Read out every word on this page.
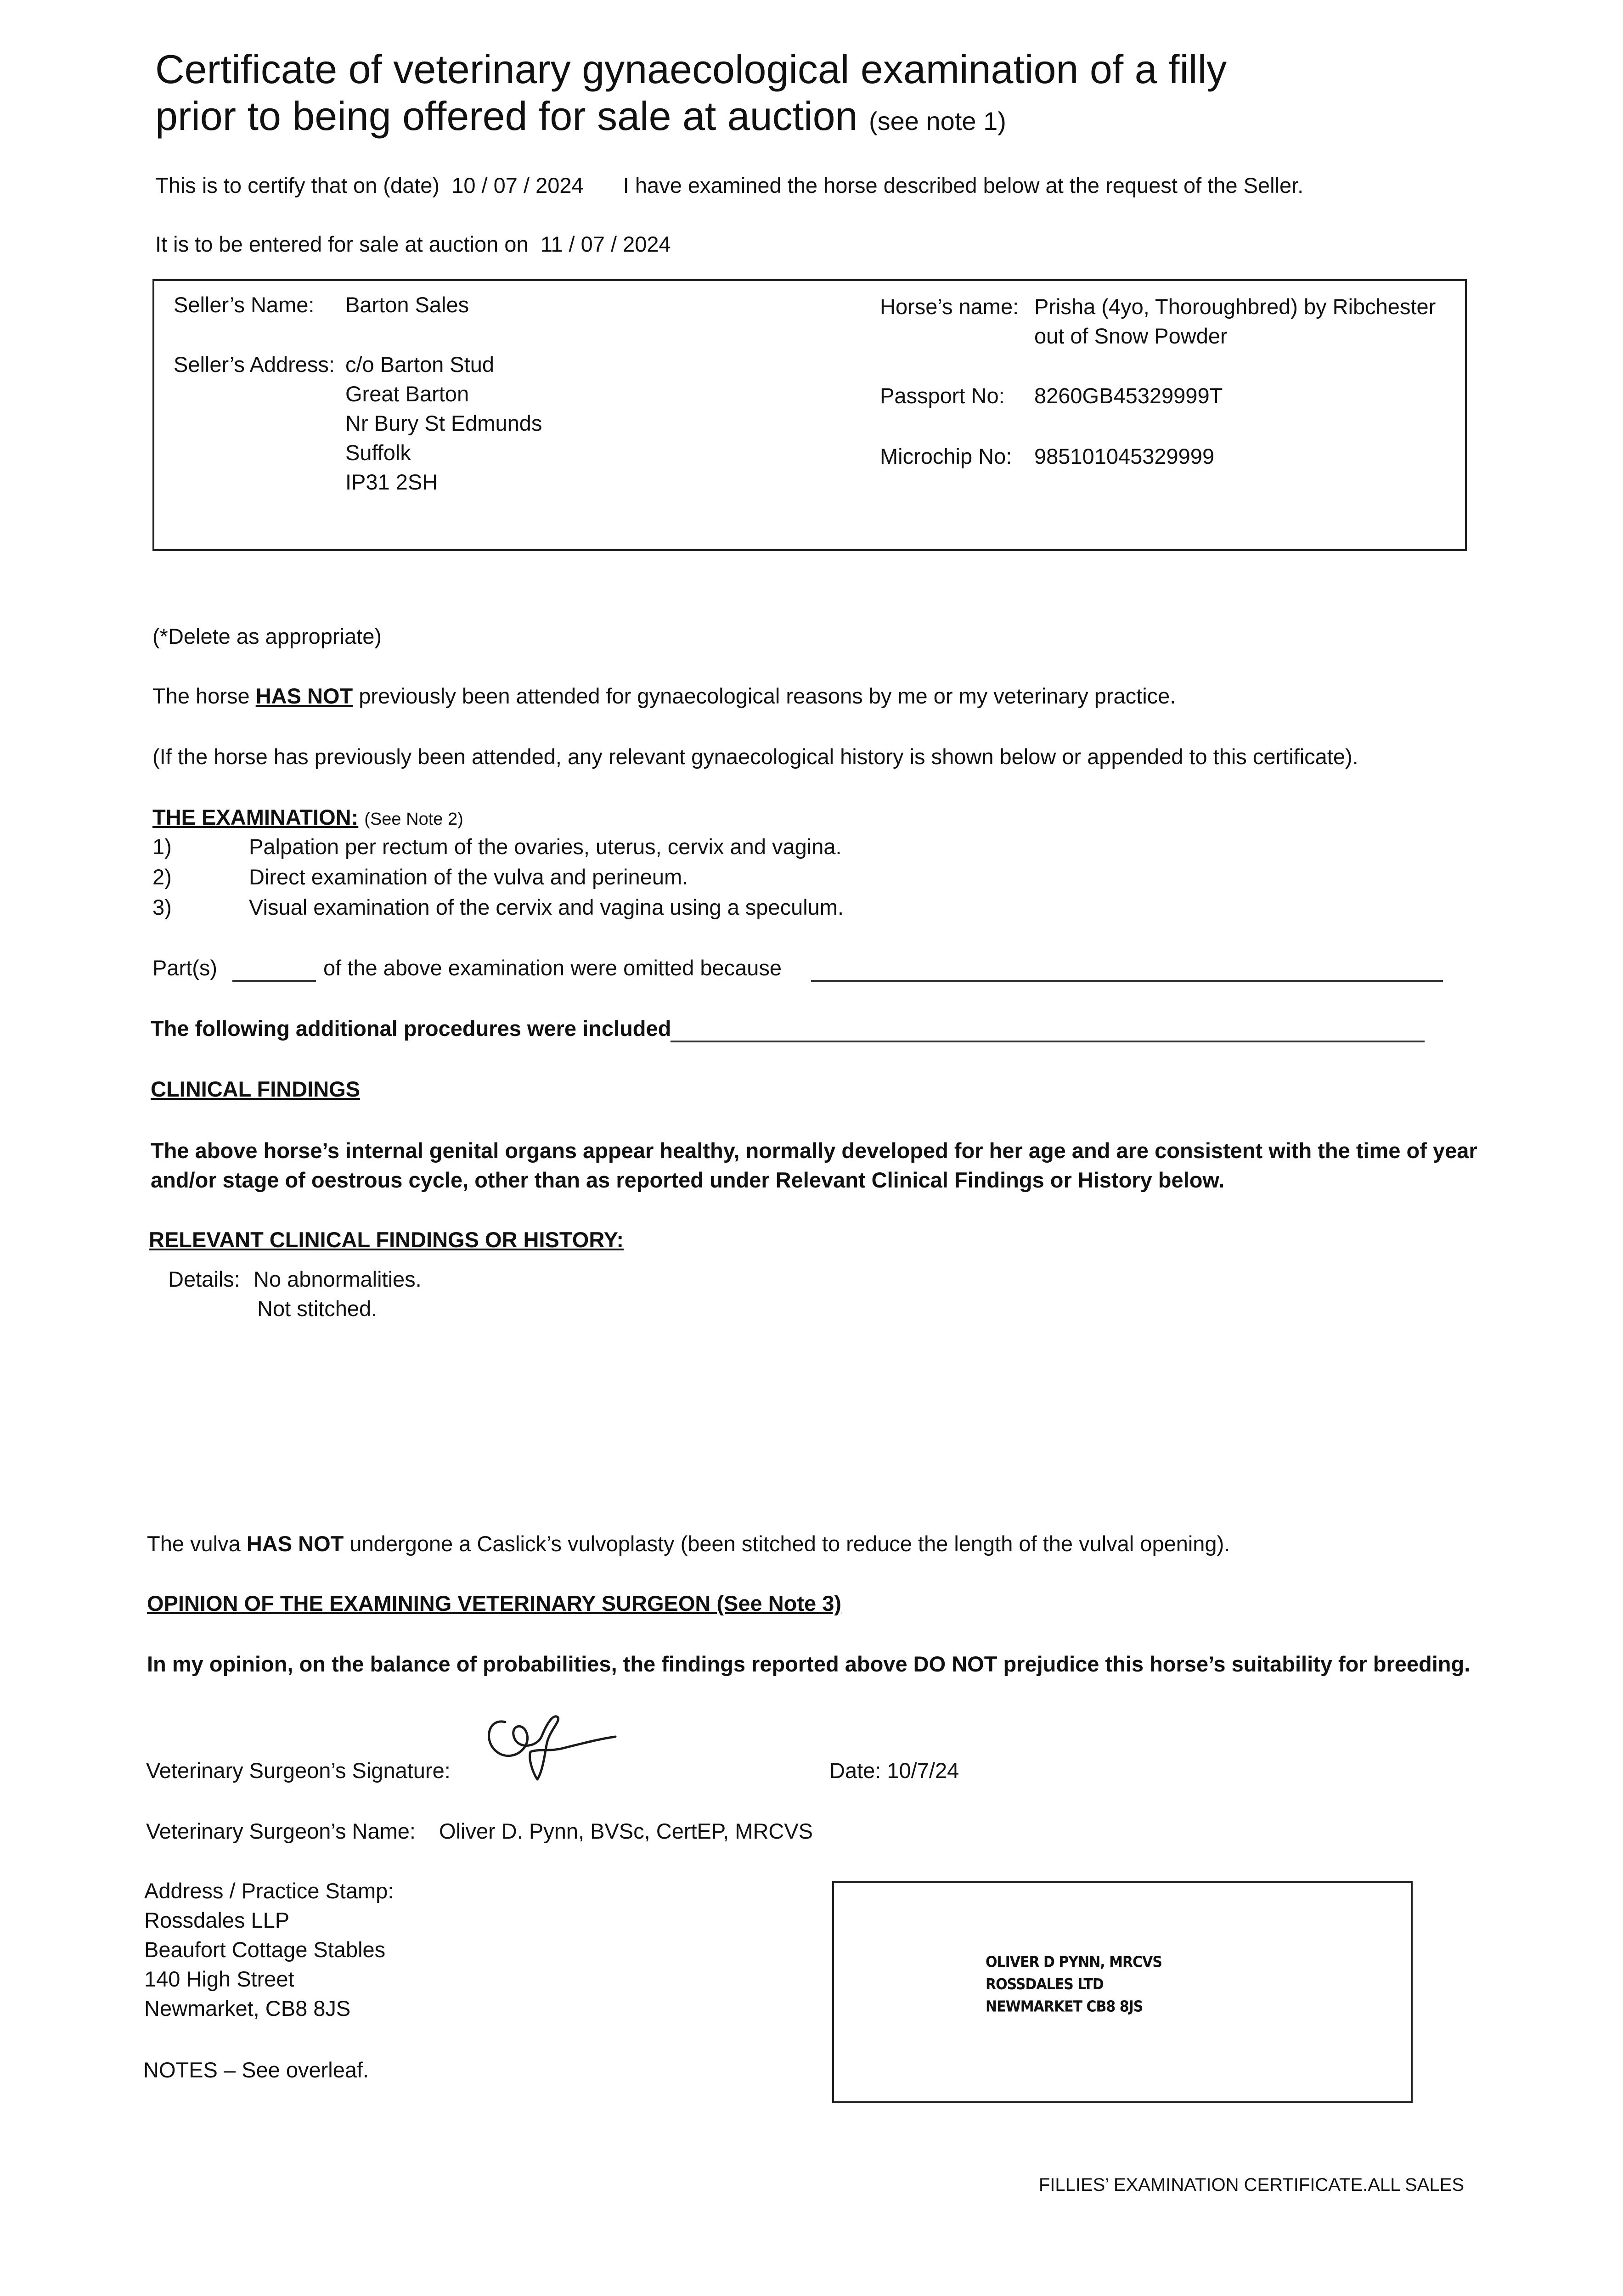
Certificate of veterinary gynaecological examination of a filly
prior to being offered for sale at auction (see note 1)
This is to certify that on (date) 10 / 07 / 2024 I have examined the horse described below at the request of the Seller.
It is to be entered for sale at auction on 11 / 07 / 2024
Seller’s Name: Barton Sales
Seller’s Address: c/o Barton Stud
Great Barton
Nr Bury St Edmunds
Suffolk
IP31 2SH
Horse’s name: Prisha (4yo, Thoroughbred) by Ribchester
out of Snow Powder
Passport No: 8260GB45329999T
Microchip No: 985101045329999
(*Delete as appropriate)
The horse HAS NOT previously been attended for gynaecological reasons by me or my veterinary practice.
(If the horse has previously been attended, any relevant gynaecological history is shown below or appended to this certificate).
THE EXAMINATION: (See Note 2)
1)	Palpation per rectum of the ovaries, uterus, cervix and vagina.
2)	Direct examination of the vulva and perineum.
3)	Visual examination of the cervix and vagina using a speculum.
Part(s)	of the above examination were omitted because
The following additional procedures were included
CLINICAL FINDINGS
The above horse’s internal genital organs appear healthy, normally developed for her age and are consistent with the time of year
and/or stage of oestrous cycle, other than as reported under Relevant Clinical Findings or History below.
RELEVANT CLINICAL FINDINGS OR HISTORY:
Details: No abnormalities.
Not stitched.
The vulva HAS NOT undergone a Caslick’s vulvoplasty (been stitched to reduce the length of the vulval opening).
OPINION OF THE EXAMINING VETERINARY SURGEON (See Note 3)
In my opinion, on the balance of probabilities, the findings reported above DO NOT prejudice this horse’s suitability for breeding.
Veterinary Surgeon’s Signature:	Date: 10/7/24
Veterinary Surgeon’s Name: Oliver D. Pynn, BVSc, CertEP, MRCVS
Address / Practice Stamp:
Rossdales LLP
Beaufort Cottage Stables
140 High Street
Newmarket, CB8 8JS
OLIVER D PYNN, MRCVS
ROSSDALES LTD
NEWMARKET CB8 8JS
NOTES – See overleaf.
FILLIES’ EXAMINATION CERTIFICATE.ALL SALES
